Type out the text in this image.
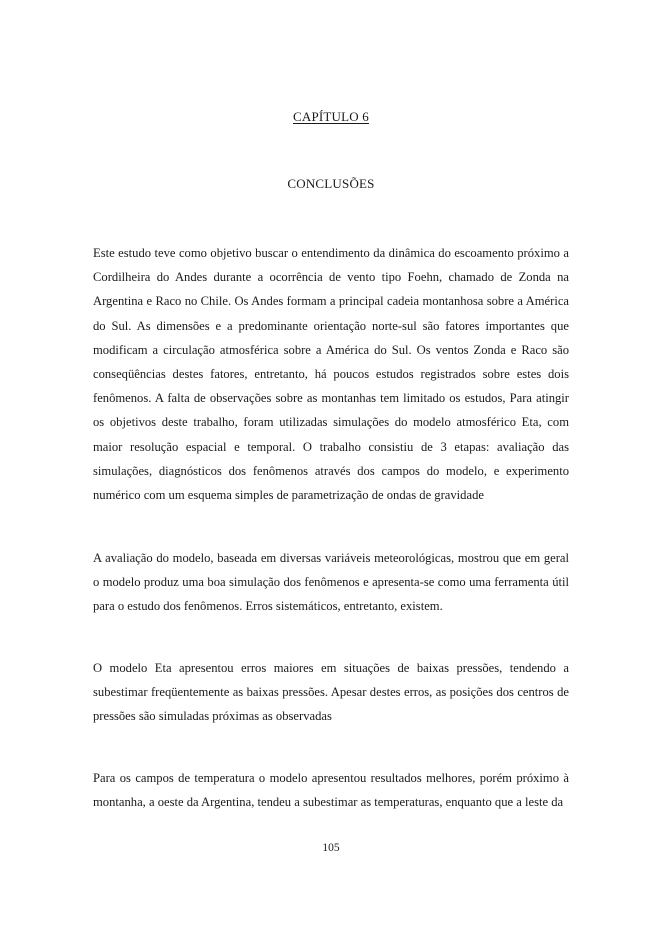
CAPÍTULO 6
CONCLUSÕES

Este estudo teve como objetivo buscar o entendimento da dinâmica do escoamento próximo a Cordilheira do Andes durante a ocorrência de vento tipo Foehn, chamado de Zonda na Argentina e Raco no Chile. Os Andes formam a principal cadeia montanhosa sobre a América do Sul. As dimensões e a predominante orientação norte-sul são fatores importantes que modificam a circulação atmosférica sobre a América do Sul. Os ventos Zonda e Raco são conseqüências destes fatores, entretanto, há poucos estudos registrados sobre estes dois fenômenos. A falta de observações sobre as montanhas tem limitado os estudos, Para atingir os objetivos deste trabalho, foram utilizadas simulações do modelo atmosférico Eta, com maior resolução espacial e temporal. O trabalho consistiu de 3 etapas: avaliação das simulações, diagnósticos dos fenômenos através dos campos do modelo, e experimento numérico com um esquema simples de parametrização de ondas de gravidade

A avaliação do modelo, baseada em diversas variáveis meteorológicas, mostrou que em geral o modelo produz uma boa simulação dos fenômenos e apresenta-se como uma ferramenta útil para o estudo dos fenômenos. Erros sistemáticos, entretanto, existem.

O modelo Eta apresentou erros maiores em situações de baixas pressões, tendendo a subestimar freqüentemente as baixas pressões. Apesar destes erros, as posições dos centros de pressões são simuladas próximas as observadas

Para os campos de temperatura o modelo apresentou resultados melhores, porém próximo à montanha, a oeste da Argentina, tendeu a subestimar as temperaturas, enquanto que a leste da

105
